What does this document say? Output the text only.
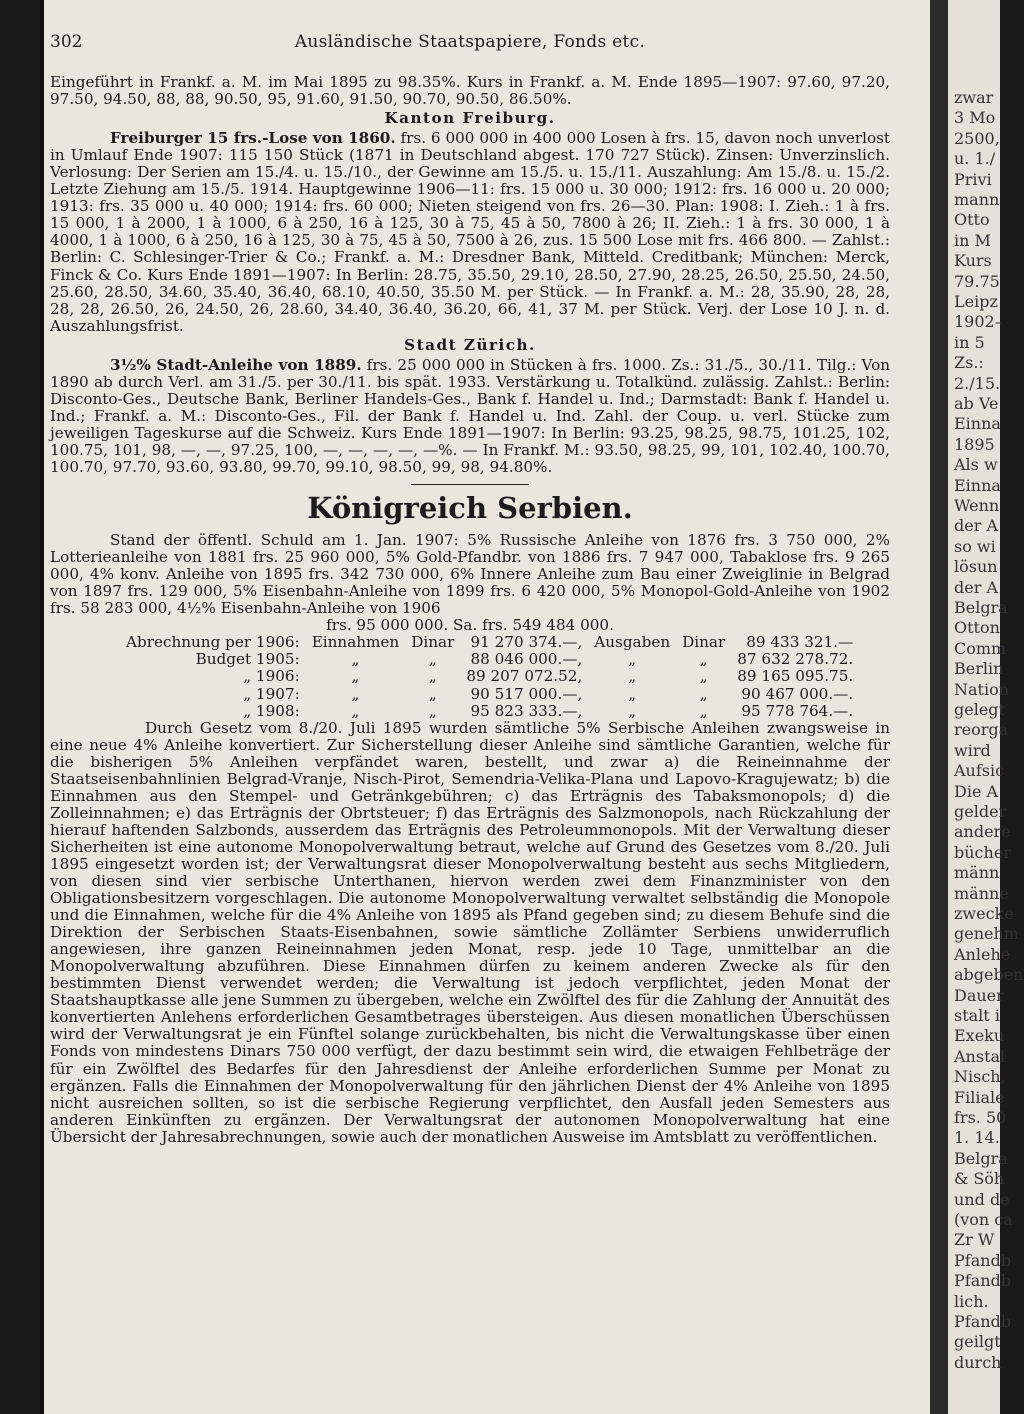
zwar
3 Mo
2500,
u. 1./
Privi
mann
Otto
in M
Kurs
79.75
Leipz
1902–
in 5
Zs.:
2./15.
ab Ve
Einna
1895
Als w
Einna
Wenn
der A
so wi
lösun
der A
Belgra
Otton
Comm
Berlin
Nation
gelegt
reorga
wird
Aufsic
Die A
gelder
andere
bücher
männ
männe
zwecke
genehm
Anlehe
abgeben
Dauer
stalt i
Exeku
Anstal
Nisch,
Filiale
frs. 50
1. 14.
Belgra
& Söh
und de
(von ca
Zr W
Pfandb
Pfandb
lich.
Pfandb
geilgt
durch
302	Ausländische Staatspapiere, Fonds etc.

Eingeführt in Frankf. a. M. im Mai 1895 zu 98.35%. Kurs in Frankf. a. M. Ende 1895—1907: 97.60, 97.20, 97.50, 94.50, 88, 88, 90.50, 95, 91.60, 91.50, 90.70, 90.50, 86.50%.

Kanton Freiburg.

Freiburger 15 frs.-Lose von 1860. frs. 6 000 000 in 400 000 Losen à frs. 15, davon noch unverlost in Umlauf Ende 1907: 115 150 Stück (1871 in Deutschland abgest. 170 727 Stück). Zinsen: Unverzinslich. Verlosung: Der Serien am 15./4. u. 15./10., der Gewinne am 15./5. u. 15./11. Auszahlung: Am 15./8. u. 15./2. Letzte Ziehung am 15./5. 1914. Hauptgewinne 1906—11: frs. 15 000 u. 30 000; 1912: frs. 16 000 u. 20 000; 1913: frs. 35 000 u. 40 000; 1914: frs. 60 000; Nieten steigend von frs. 26—30. Plan: 1908: I. Zieh.: 1 à frs. 15 000, 1 à 2000, 1 à 1000, 6 à 250, 16 à 125, 30 à 75, 45 à 50, 7800 à 26; II. Zieh.: 1 à frs. 30 000, 1 à 4000, 1 à 1000, 6 à 250, 16 à 125, 30 à 75, 45 à 50, 7500 à 26, zus. 15 500 Lose mit frs. 466 800. — Zahlst.: Berlin: C. Schlesinger-Trier & Co.; Frankf. a. M.: Dresdner Bank, Mitteld. Creditbank; München: Merck, Finck & Co. Kurs Ende 1891—1907: In Berlin: 28.75, 35.50, 29.10, 28.50, 27.90, 28.25, 26.50, 25.50, 24.50, 25.60, 28.50, 34.60, 35.40, 36.40, 68.10, 40.50, 35.50 M. per Stück. — In Frankf. a. M.: 28, 35.90, 28, 28, 28, 28, 26.50, 26, 24.50, 26, 28.60, 34.40, 36.40, 36.20, 66, 41, 37 M. per Stück. Verj. der Lose 10 J. n. d. Auszahlungsfrist.

Stadt Zürich.

3½% Stadt-Anleihe von 1889. frs. 25 000 000 in Stücken à frs. 1000. Zs.: 31./5., 30./11. Tilg.: Von 1890 ab durch Verl. am 31./5. per 30./11. bis spät. 1933. Verstärkung u. Totalkünd. zulässig. Zahlst.: Berlin: Disconto-Ges., Deutsche Bank, Berliner Handels-Ges., Bank f. Handel u. Ind.; Darmstadt: Bank f. Handel u. Ind.; Frankf. a. M.: Disconto-Ges., Fil. der Bank f. Handel u. Ind. Zahl. der Coup. u. verl. Stücke zum jeweiligen Tageskurse auf die Schweiz. Kurs Ende 1891—1907: In Berlin: 93.25, 98.25, 98.75, 101.25, 102, 100.75, 101, 98, —, —, 97.25, 100, —, —, —, —, —%. — In Frankf. M.: 93.50, 98.25, 99, 101, 102.40, 100.70, 100.70, 97.70, 93.60, 93.80, 99.70, 99.10, 98.50, 99, 98, 94.80%.

Königreich Serbien.

Stand der öffentl. Schuld am 1. Jan. 1907: 5% Russische Anleihe von 1876 frs. 3 750 000, 2% Lotterieanleihe von 1881 frs. 25 960 000, 5% Gold-Pfandbr. von 1886 frs. 7 947 000, Tabaklose frs. 9 265 000, 4% konv. Anleihe von 1895 frs. 342 730 000, 6% Innere Anleihe zum Bau einer Zweiglinie in Belgrad von 1897 frs. 129 000, 5% Eisenbahn-Anleihe von 1899 frs. 6 420 000, 5% Monopol-Gold-Anleihe von 1902 frs. 58 283 000, 4½% Eisenbahn-Anleihe von 1906

frs. 95 000 000. Sa. frs. 549 484 000.
Abrechnung per 1906:	Einnahmen	Dinar	91 270 374.—,	Ausgaben	Dinar	89 433 321.—
Budget 1905:	„	„	88 046 000.—,	„	„	87 632 278.72.
„ 1906:	„	„	89 207 072.52,	„	„	89 165 095.75.
„ 1907:	„	„	90 517 000.—,	„	„	90 467 000.—.
„ 1908:	„	„	95 823 333.—,	„	„	95 778 764.—.

Durch Gesetz vom 8./20. Juli 1895 wurden sämtliche 5% Serbische Anleihen zwangsweise in eine neue 4% Anleihe konvertiert. Zur Sicherstellung dieser Anleihe sind sämtliche Garantien, welche für die bisherigen 5% Anleihen verpfändet waren, bestellt, und zwar a) die Reineinnahme der Staatseisenbahnlinien Belgrad-Vranje, Nisch-Pirot, Semendria-Velika-Plana und Lapovo-Kragujewatz; b) die Einnahmen aus den Stempel- und Getränkgebühren; c) das Erträgnis des Tabaksmonopols; d) die Zolleinnahmen; e) das Erträgnis der Obrtsteuer; f) das Erträgnis des Salzmonopols, nach Rückzahlung der hierauf haftenden Salzbonds, ausserdem das Erträgnis des Petroleummonopols. Mit der Verwaltung dieser Sicherheiten ist eine autonome Monopolverwaltung betraut, welche auf Grund des Gesetzes vom 8./20. Juli 1895 eingesetzt worden ist; der Verwaltungsrat dieser Monopolverwaltung besteht aus sechs Mitgliedern, von diesen sind vier serbische Unterthanen, hiervon werden zwei dem Finanzminister von den Obligationsbesitzern vorgeschlagen. Die autonome Monopolverwaltung verwaltet selbständig die Monopole und die Einnahmen, welche für die 4% Anleihe von 1895 als Pfand gegeben sind; zu diesem Behufe sind die Direktion der Serbischen Staats-Eisenbahnen, sowie sämtliche Zollämter Serbiens unwiderruflich angewiesen, ihre ganzen Reineinnahmen jeden Monat, resp. jede 10 Tage, unmittelbar an die Monopolverwaltung abzuführen. Diese Einnahmen dürfen zu keinem anderen Zwecke als für den bestimmten Dienst verwendet werden; die Verwaltung ist jedoch verpflichtet, jeden Monat der Staatshauptkasse alle jene Summen zu übergeben, welche ein Zwölftel des für die Zahlung der Annuität des konvertierten Anlehens erforderlichen Gesamtbetrages übersteigen. Aus diesen monatlichen Überschüssen wird der Verwaltungsrat je ein Fünftel solange zurückbehalten, bis nicht die Verwaltungskasse über einen Fonds von mindestens Dinars 750 000 verfügt, der dazu bestimmt sein wird, die etwaigen Fehlbeträge der für ein Zwölftel des Bedarfes für den Jahresdienst der Anleihe erforderlichen Summe per Monat zu ergänzen. Falls die Einnahmen der Monopolverwaltung für den jährlichen Dienst der 4% Anleihe von 1895 nicht ausreichen sollten, so ist die serbische Regierung verpflichtet, den Ausfall jeden Semesters aus anderen Einkünften zu ergänzen. Der Verwaltungsrat der autonomen Monopolverwaltung hat eine Übersicht der Jahresabrechnungen, sowie auch der monatlichen Ausweise im Amtsblatt zu veröffentlichen.
